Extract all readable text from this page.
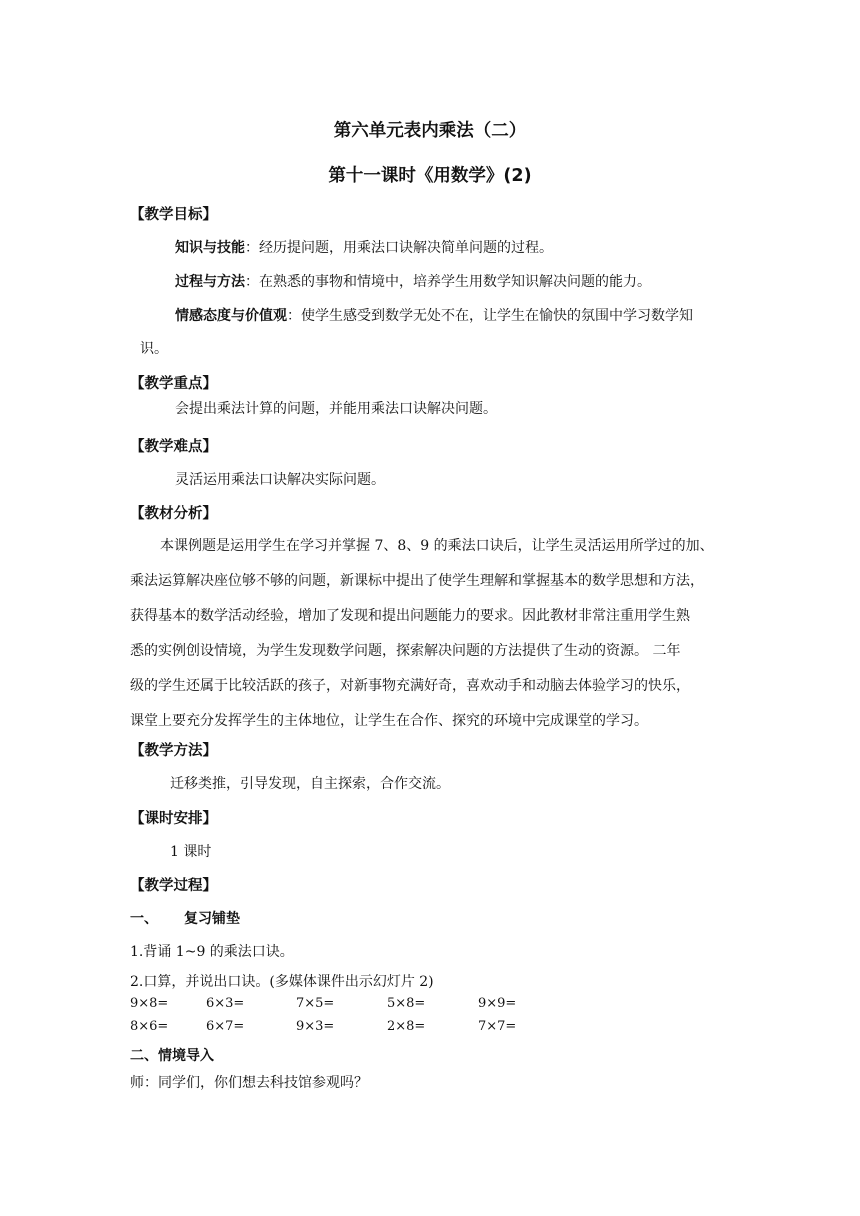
第六单元表内乘法（二）
第十一课时《用数学》(2)
【教学目标】
知识与技能：经历提问题，用乘法口诀解决简单问题的过程。
过程与方法：在熟悉的事物和情境中，培养学生用数学知识解决问题的能力。
情感态度与价值观：使学生感受到数学无处不在，让学生在愉快的氛围中学习数学知
识。
【教学重点】
会提出乘法计算的问题，并能用乘法口诀解决问题。
【教学难点】
灵活运用乘法口诀解决实际问题。
【教材分析】
本课例题是运用学生在学习并掌握 7、8、9 的乘法口诀后，让学生灵活运用所学过的加、
乘法运算解决座位够不够的问题，新课标中提出了使学生理解和掌握基本的数学思想和方法，
获得基本的数学活动经验，增加了发现和提出问题能力的要求。因此教材非常注重用学生熟
悉的实例创设情境，为学生发现数学问题，探索解决问题的方法提供了生动的资源。 二年
级的学生还属于比较活跃的孩子，对新事物充满好奇，喜欢动手和动脑去体验学习的快乐，
课堂上要充分发挥学生的主体地位，让学生在合作、探究的环境中完成课堂的学习。
【教学方法】
迁移类推，引导发现，自主探索，合作交流。
【课时安排】
1 课时
【教学过程】
一、 复习铺垫
1.背诵 1~9 的乘法口诀。
2.口算，并说出口诀。(多媒体课件出示幻灯片 2)
9×8=	6×3=	7×5=	5×8=	9×9=
8×6=	6×7=	9×3=	2×8=	7×7=
二、情境导入
师：同学们，你们想去科技馆参观吗？
